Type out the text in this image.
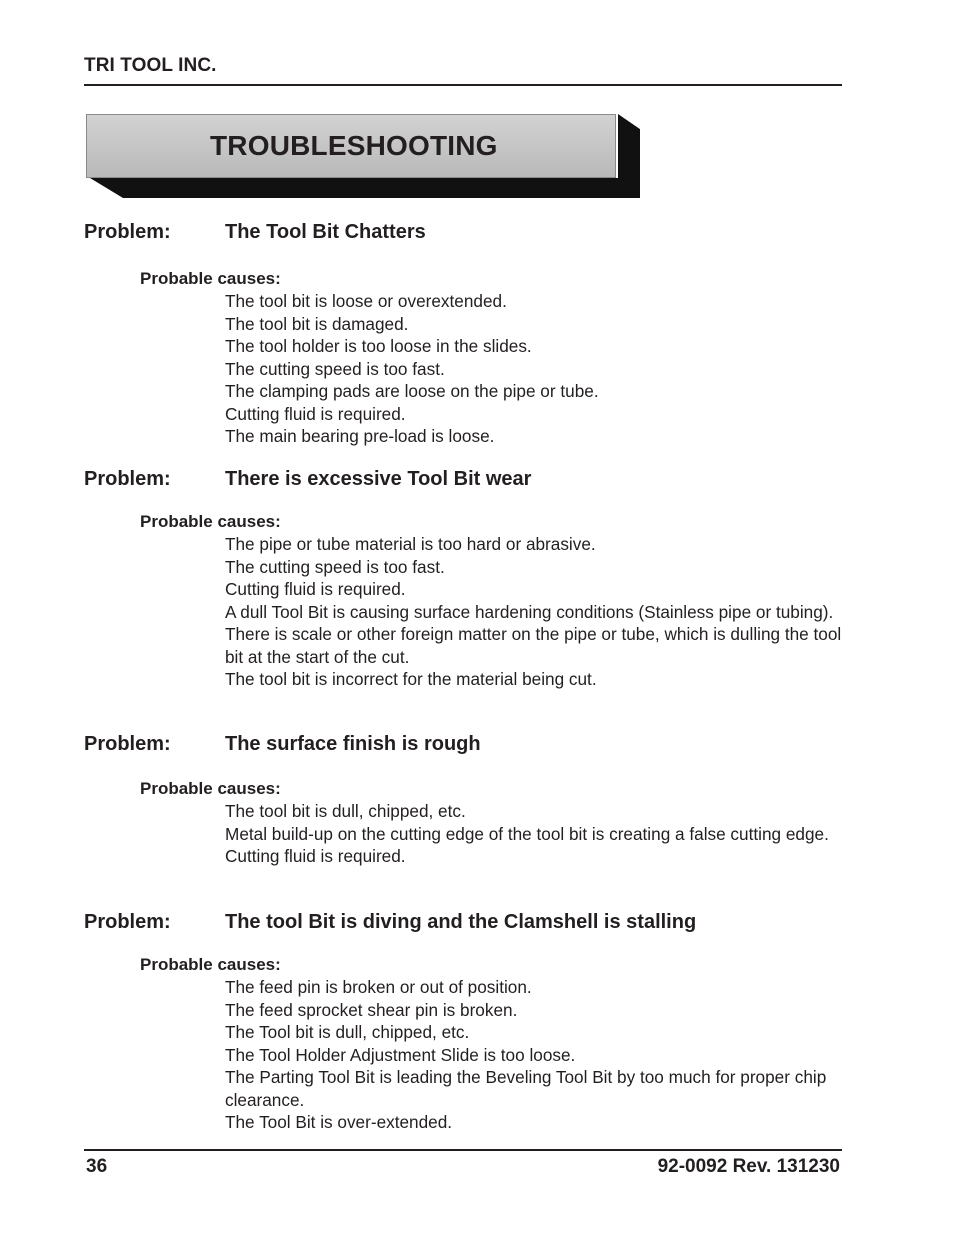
TRI TOOL INC.
TROUBLESHOOTING
Problem:	The Tool Bit Chatters
Probable causes:
The tool bit is loose or overextended.
The tool bit is damaged.
The tool holder is too loose in the slides.
The cutting speed is too fast.
The clamping pads are loose on the pipe or tube.
Cutting fluid is required.
The main bearing pre-load is loose.
Problem:	There is excessive Tool Bit wear
Probable causes:
The pipe or tube material is too hard or abrasive.
The cutting speed is too fast.
Cutting fluid is required.
A dull Tool Bit is causing surface hardening conditions (Stainless pipe or tubing).
There is scale or other foreign matter on the pipe or tube, which is dulling the tool bit at the start of the cut.
The tool bit is incorrect for the material being cut.
Problem:	The surface finish is rough
Probable causes:
The tool bit is dull, chipped, etc.
Metal build-up on the cutting edge of the tool bit is creating a false cutting edge.
Cutting fluid is required.
Problem:	The tool Bit is diving and the Clamshell is stalling
Probable causes:
The feed pin is broken or out of position.
The feed sprocket shear pin is broken.
The Tool bit is dull, chipped, etc.
The Tool Holder Adjustment Slide is too loose.
The Parting Tool Bit is leading the Beveling Tool Bit by too much for proper chip clearance.
The Tool Bit is over-extended.
36	92-0092 Rev. 131230
